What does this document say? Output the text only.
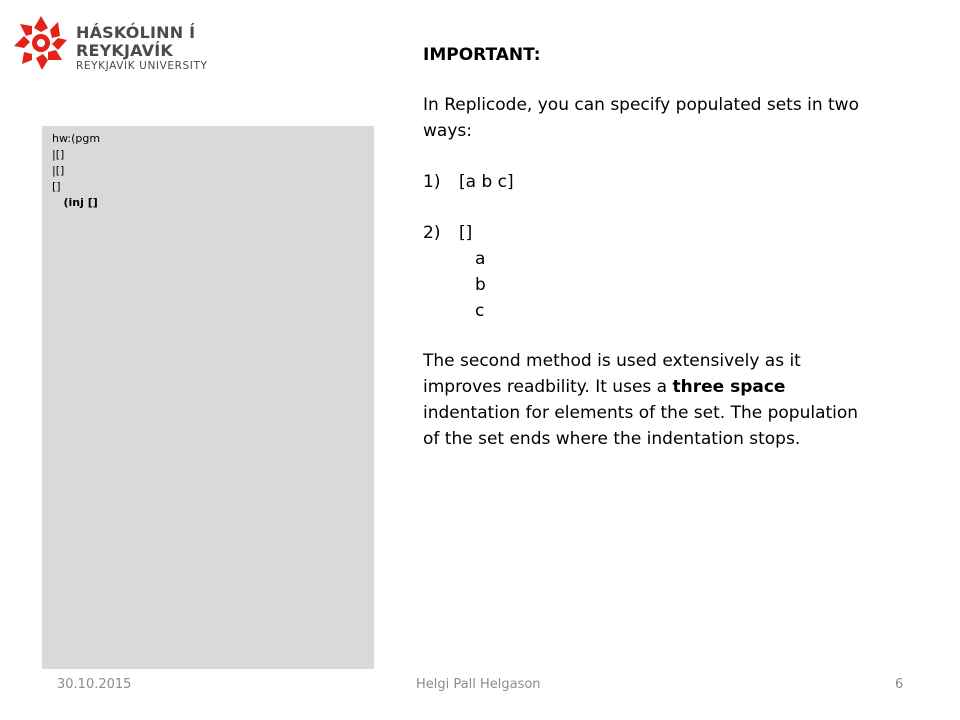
HÁSKÓLINN Í REYKJAVÍK
REYKJAVIK UNIVERSITY
hw:(pgm
|[]
|[]
[]
(inj []
IMPORTANT:
In Replicode, you can specify populated sets in two ways:
1) [a b c]
2) []
a
b
c
The second method is used extensively as it improves readbility. It uses a three space indentation for elements of the set. The population of the set ends where the indentation stops.
30.10.2015	Helgi Pall Helgason	6
